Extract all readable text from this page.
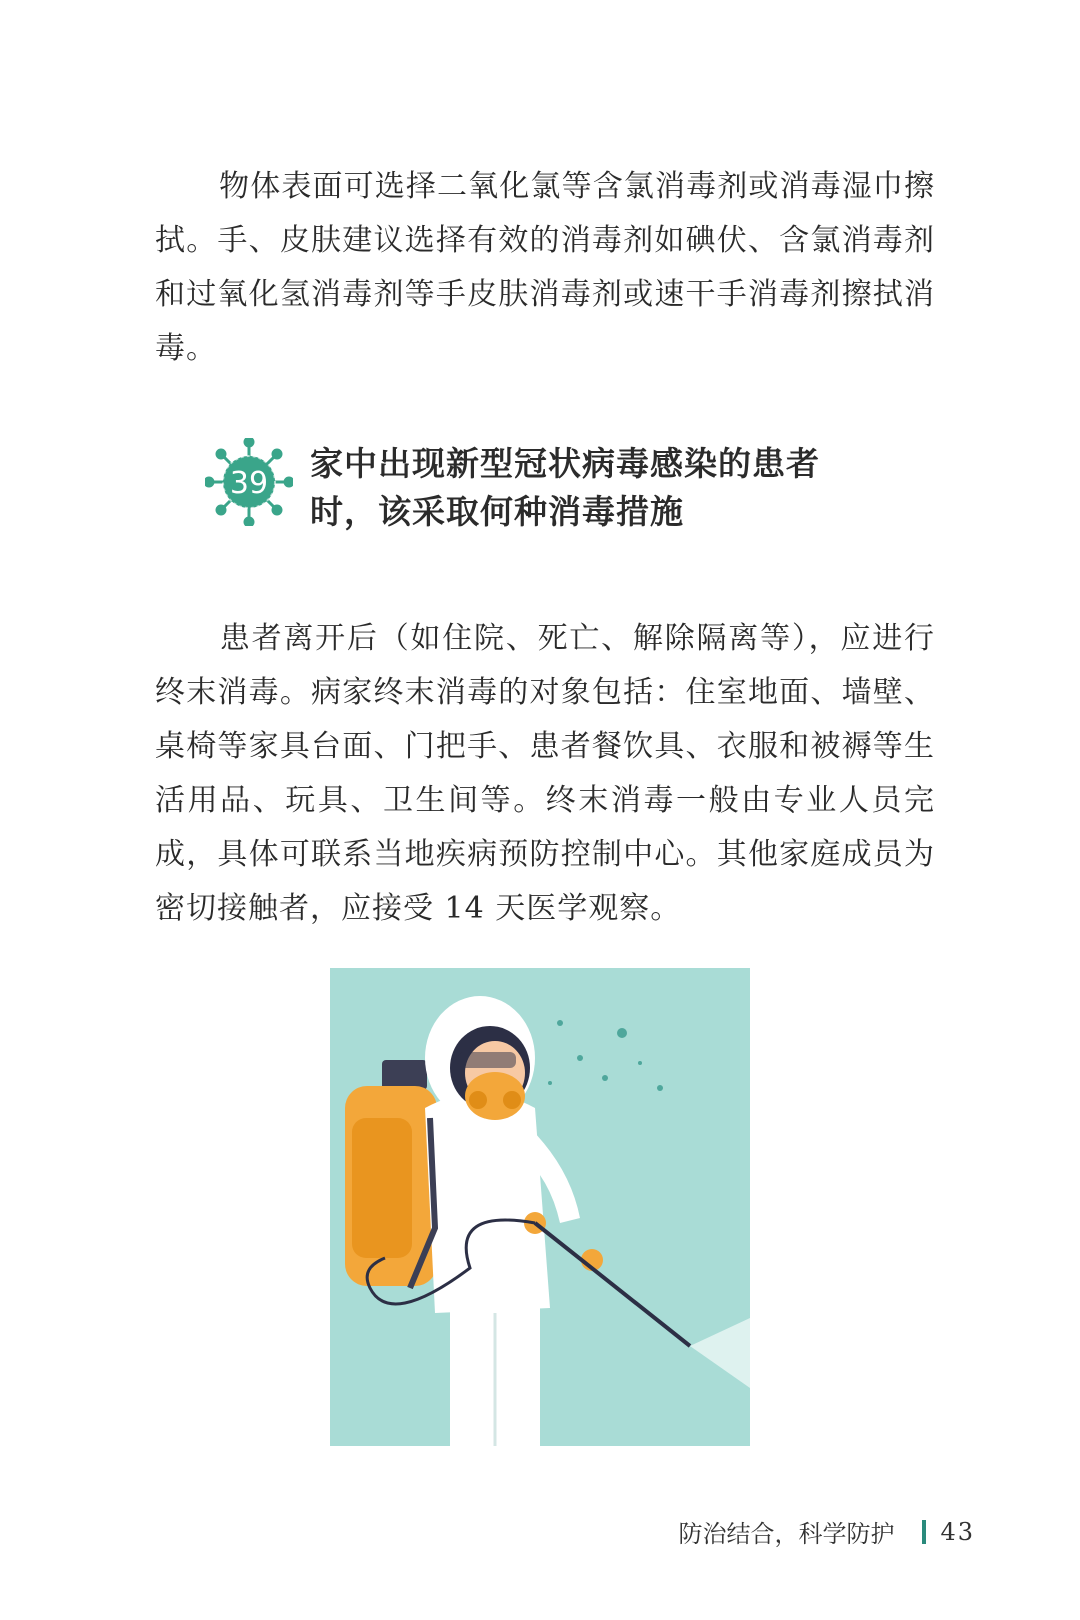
物体表面可选择二氧化氯等含氯消毒剂或消毒湿巾擦拭。手、皮肤建议选择有效的消毒剂如碘伏、含氯消毒剂和过氧化氢消毒剂等手皮肤消毒剂或速干手消毒剂擦拭消毒。
39
家中出现新型冠状病毒感染的患者
时，该采取何种消毒措施
患者离开后（如住院、死亡、解除隔离等），应进行终末消毒。病家终末消毒的对象包括：住室地面、墙壁、桌椅等家具台面、门把手、患者餐饮具、衣服和被褥等生活用品、玩具、卫生间等。终末消毒一般由专业人员完成，具体可联系当地疾病预防控制中心。其他家庭成员为密切接触者，应接受 14 天医学观察。
防治结合，科学防护 43
